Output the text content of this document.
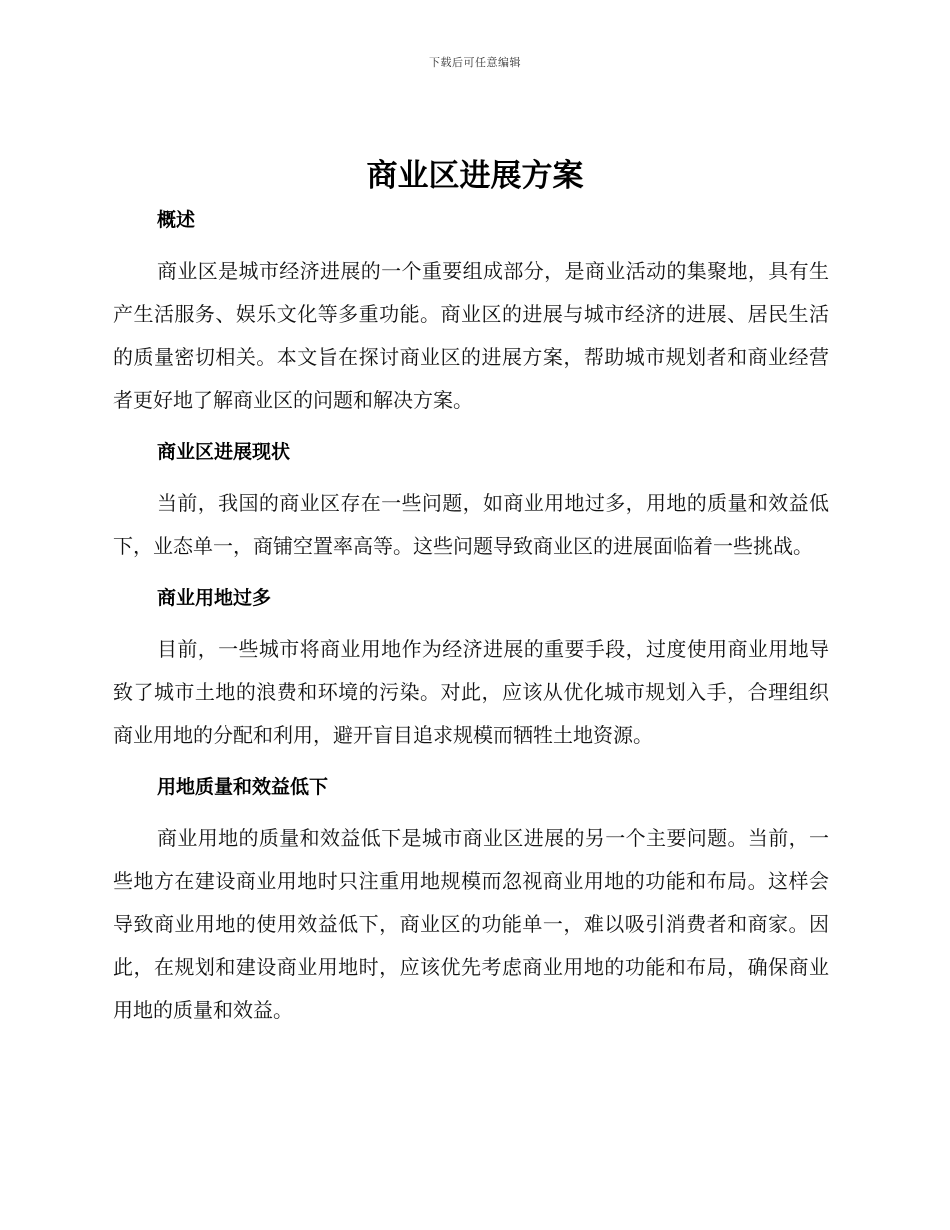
下载后可任意编辑
商业区进展方案
概述

商业区是城市经济进展的一个重要组成部分，是商业活动的集聚地，具有生产生活服务、娱乐文化等多重功能。商业区的进展与城市经济的进展、居民生活的质量密切相关。本文旨在探讨商业区的进展方案，帮助城市规划者和商业经营者更好地了解商业区的问题和解决方案。

商业区进展现状

当前，我国的商业区存在一些问题，如商业用地过多，用地的质量和效益低下，业态单一，商铺空置率高等。这些问题导致商业区的进展面临着一些挑战。

商业用地过多

目前，一些城市将商业用地作为经济进展的重要手段，过度使用商业用地导致了城市土地的浪费和环境的污染。对此，应该从优化城市规划入手，合理组织商业用地的分配和利用，避开盲目追求规模而牺牲土地资源。

用地质量和效益低下

商业用地的质量和效益低下是城市商业区进展的另一个主要问题。当前，一些地方在建设商业用地时只注重用地规模而忽视商业用地的功能和布局。这样会导致商业用地的使用效益低下，商业区的功能单一，难以吸引消费者和商家。因此，在规划和建设商业用地时，应该优先考虑商业用地的功能和布局，确保商业用地的质量和效益。
